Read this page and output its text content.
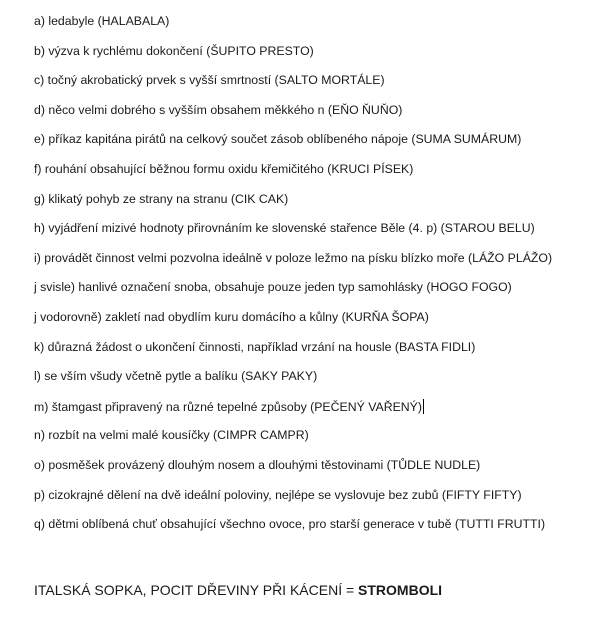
a) ledabyle (HALABALA)
b) výzva k rychlému dokončení (ŠUPITO PRESTO)
c) točný akrobatický prvek s vyšší smrtností (SALTO MORTÁLE)
d) něco velmi dobrého s vyšším obsahem měkkého n (EŇO ŇUŇO)
e) příkaz kapitána pirátů na celkový součet zásob oblíbeného nápoje (SUMA SUMÁRUM)
f) rouhání obsahující běžnou formu oxidu křemičitého (KRUCI PÍSEK)
g) klikatý pohyb ze strany na stranu (CIK CAK)
h) vyjádření mizivé hodnoty přirovnáním ke slovenské stařence Běle (4. p) (STAROU BELU)
i) provádět činnost velmi pozvolna ideálně v poloze ležmo na písku blízko moře (LÁŽO PLÁŽO)
j svisle) hanlivé označení snoba, obsahuje pouze jeden typ samohlásky (HOGO FOGO)
j vodorovně) zakletí nad obydlím kuru domácího a kůlny (KURŇA ŠOPA)
k) důrazná žádost o ukončení činnosti, například vrzání na housle (BASTA FIDLI)
l) se vším všudy včetně pytle a balíku (SAKY PAKY)
m) štamgast připravený na různé tepelné způsoby (PEČENÝ VAŘENÝ)
n) rozbít na velmi malé kousíčky (CIMPR CAMPR)
o) posměšek provázený dlouhým nosem a dlouhými těstovinami (TŮDLE NUDLE)
p) cizokrajné dělení na dvě ideální poloviny, nejlépe se vyslovuje bez zubů (FIFTY FIFTY)
q) dětmi oblíbená chuť obsahující všechno ovoce, pro starší generace v tubě (TUTTI FRUTTI)
ITALSKÁ SOPKA, POCIT DŘEVINY PŘI KÁCENÍ = STROMBOLI
